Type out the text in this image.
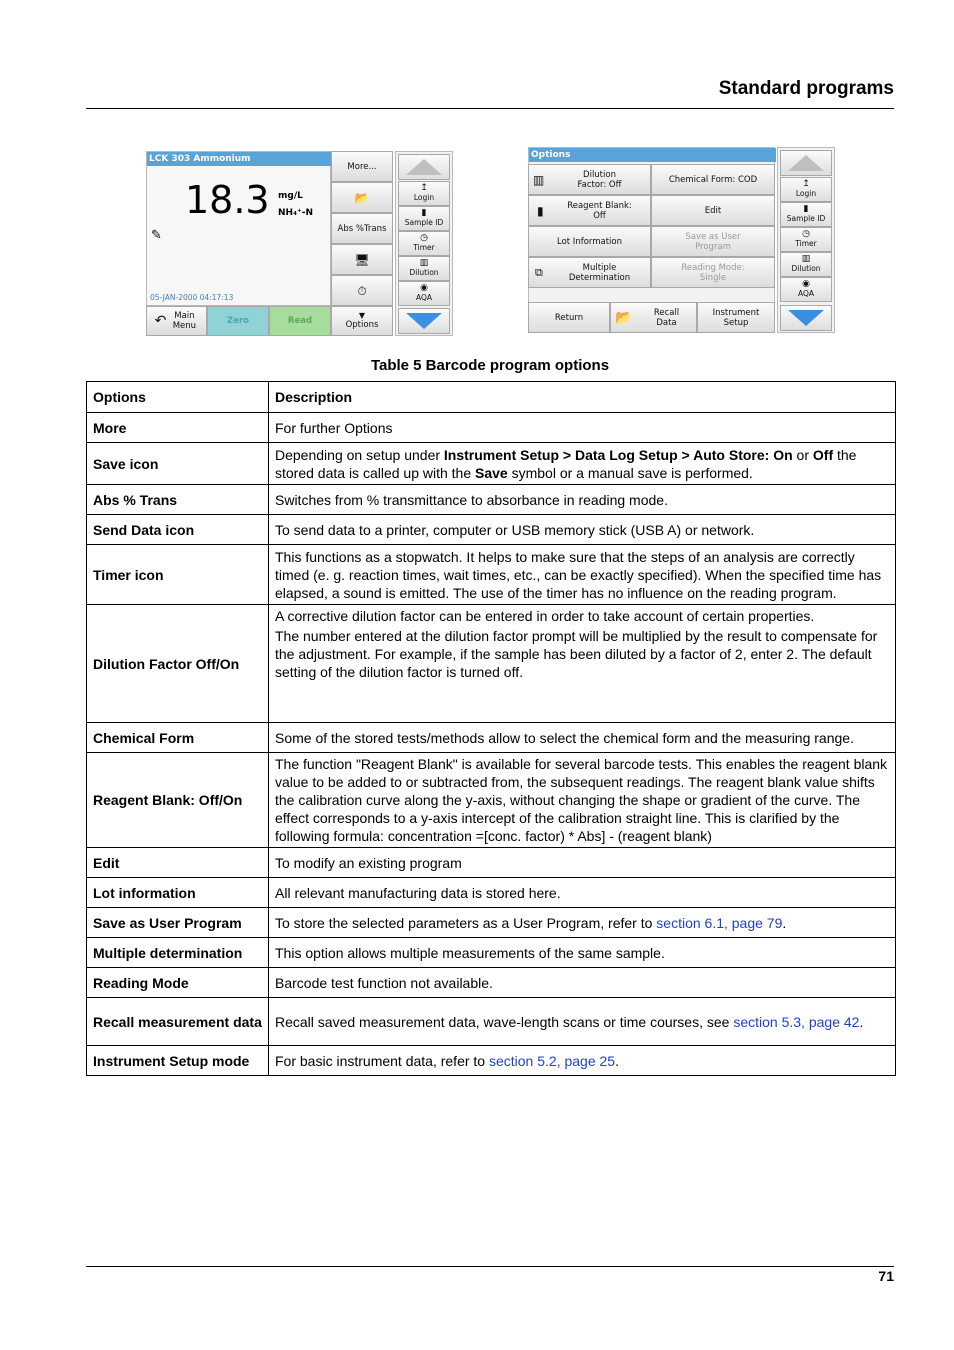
Standard programs
LCK 303 Ammonium
18.3 mg/L
NH₄⁺-N
✎
05-JAN-2000 04:17:13
More...
📂
Abs %Trans
🖥
⏱
↶ Main Menu	Zero	Read
▼
Options
↥
Login
▮
Sample ID
◷
Timer
▥
Dilution
◉
AQA
Options
▥	Dilution Factor: Off	Chemical Form: COD
▮	Reagent Blank: Off	Edit
Lot Information	Save as User Program
⧉	Multiple Determination
Reading Mode: Single
Return	📂	Recall Data
Instrument Setup
↥
Login
▮
Sample ID
◷
Timer
▥
Dilution
◉
AQA
Table 5 Barcode program options
Options	Description
More	For further Options
Save icon	Depending on setup under Instrument Setup > Data Log Setup > Auto Store: On or Off the stored data is called up with the Save symbol or a manual save is performed.
Abs % Trans	Switches from % transmittance to absorbance in reading mode.
Send Data icon	To send data to a printer, computer or USB memory stick (USB A) or network.
Timer icon	This functions as a stopwatch. It helps to make sure that the steps of an analysis are correctly timed (e. g. reaction times, wait times, etc., can be exactly specified). When the specified time has elapsed, a sound is emitted. The use of the timer has no influence on the reading program.
Dilution Factor Off/On	A corrective dilution factor can be entered in order to take account of certain properties.
The number entered at the dilution factor prompt will be multiplied by the result to compensate for the adjustment. For example, if the sample has been diluted by a factor of 2, enter 2. The default setting of the dilution factor is turned off.

Chemical Form	Some of the stored tests/methods allow to select the chemical form and the measuring range.
Reagent Blank: Off/On	The function "Reagent Blank" is available for several barcode tests. This enables the reagent blank value to be added to or subtracted from, the subsequent readings. The reagent blank value shifts the calibration curve along the y-axis, without changing the shape or gradient of the curve. The effect corresponds to a y-axis intercept of the calibration straight line. This is clarified by the following formula: concentration =[conc. factor) * Abs] - (reagent blank)
Edit	To modify an existing program
Lot information	All relevant manufacturing data is stored here.
Save as User Program	To store the selected parameters as a User Program, refer to section 6.1, page 79.
Multiple determination	This option allows multiple measurements of the same sample.
Reading Mode	Barcode test function not available.
Recall measurement data	Recall saved measurement data, wave-length scans or time courses, see section 5.3, page 42.
Instrument Setup mode	For basic instrument data, refer to section 5.2, page 25.
71
